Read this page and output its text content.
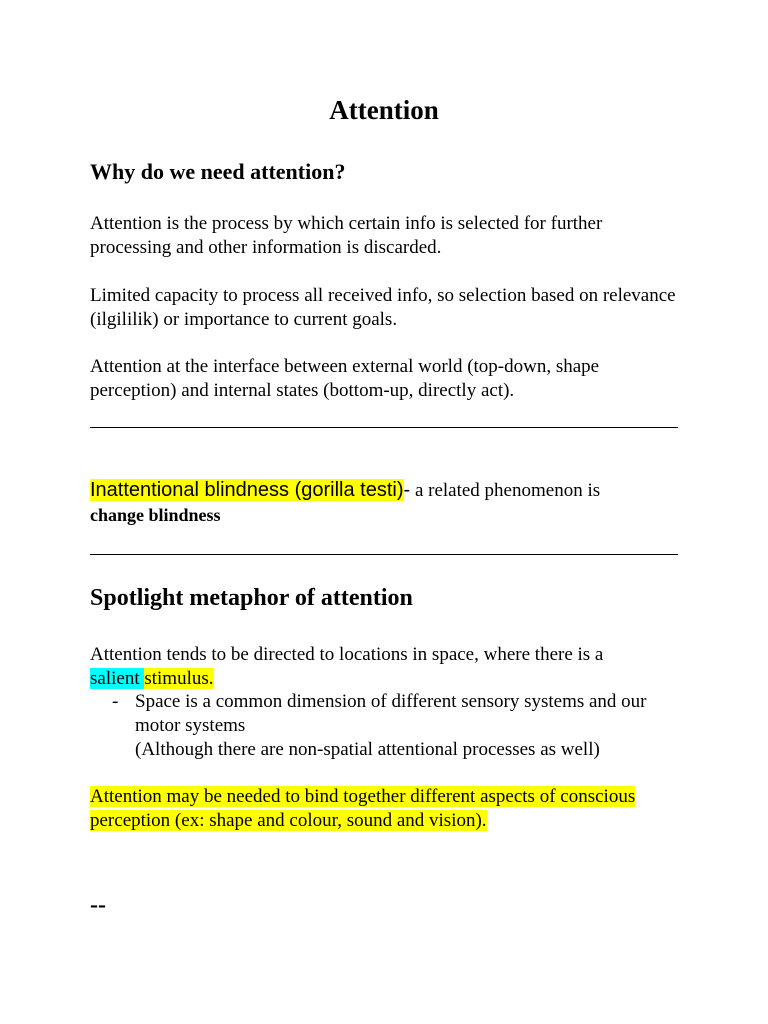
Attention
Why do we need attention?

Attention is the process by which certain info is selected for further processing and other information is discarded.

Limited capacity to process all received info, so selection based on relevance (ilgililik) or importance to current goals.

Attention at the interface between external world (top-down, shape perception) and internal states (bottom-up, directly act).

Inattentional blindness (gorilla testi)- a related phenomenon is
change blindness

Spotlight metaphor of attention

Attention tends to be directed to locations in space, where there is a
salient stimulus.

- Space is a common dimension of different sensory systems and our motor systems
(Although there are non-spatial attentional processes as well)

Attention may be needed to bind together different aspects of conscious perception (ex: shape and colour, sound and vision).

--
